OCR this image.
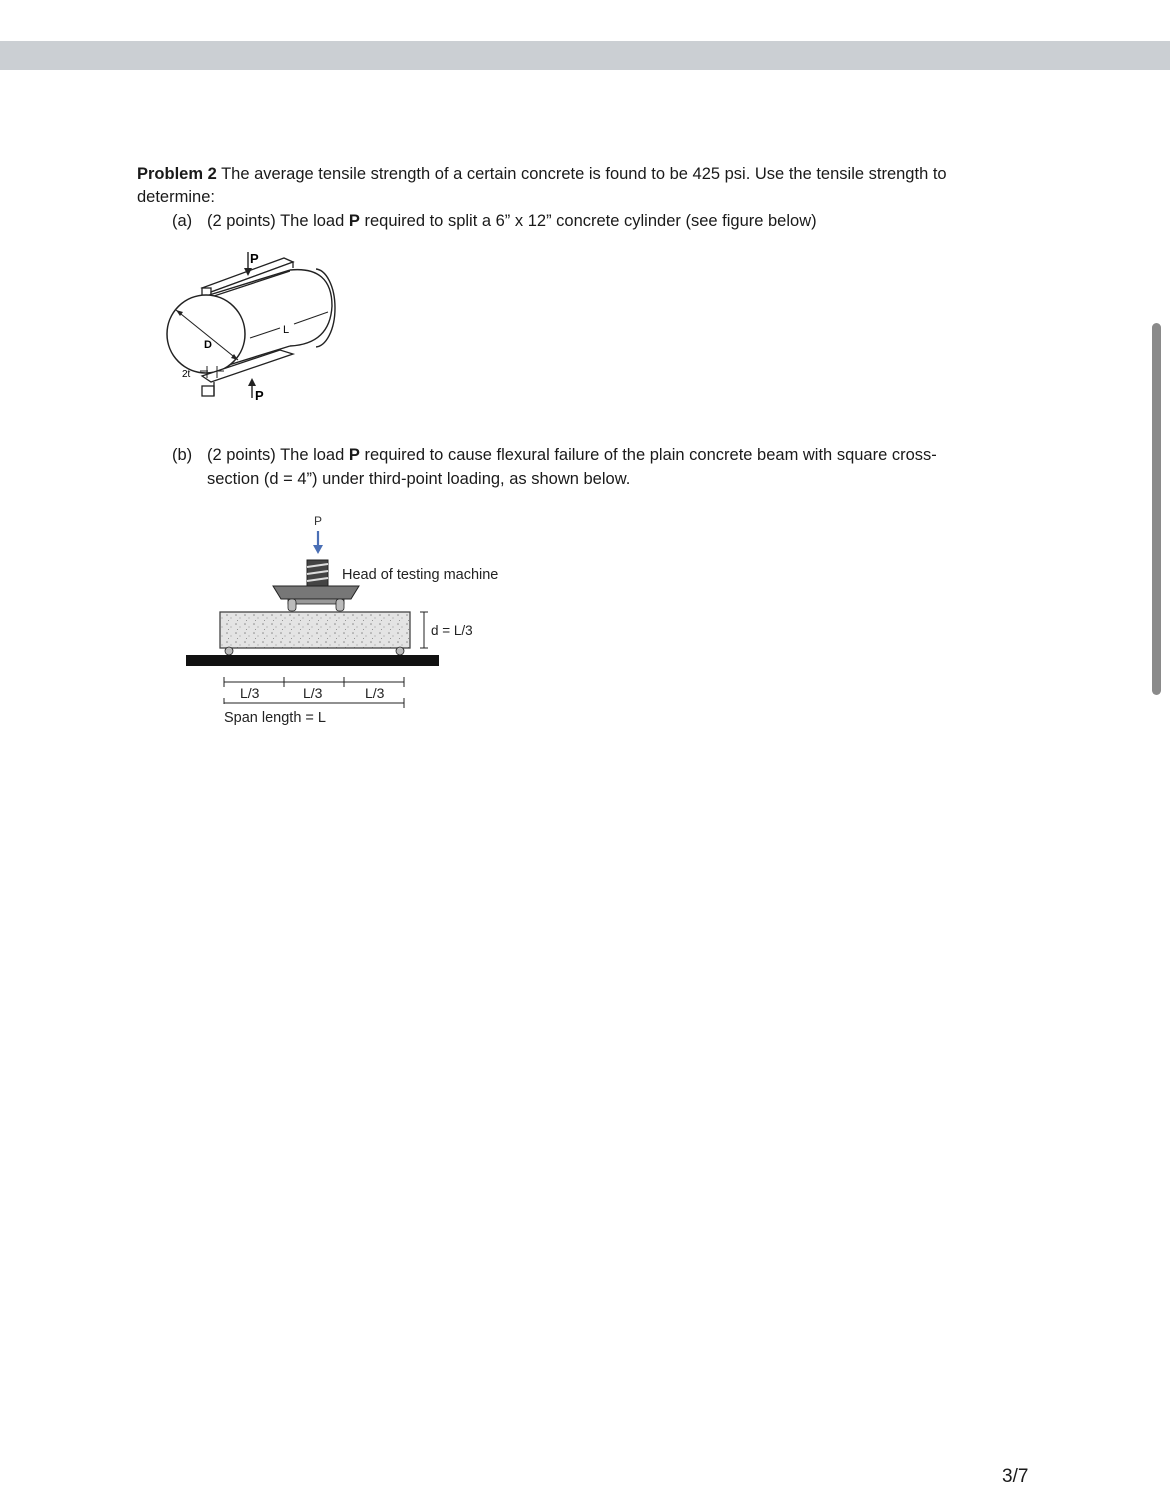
Problem 2 The average tensile strength of a certain concrete is found to be 425 psi. Use the tensile strength to determine:
(a) (2 points) The load P required to split a 6” x 12” concrete cylinder (see figure below)
P
P
D
L
2t
(b) (2 points) The load P required to cause flexural failure of the plain concrete beam with square cross-
section (d = 4”) under third-point loading, as shown below.
P
Head of testing machine
d = L/3
L/3	L/3	L/3
Span length = L
3/7
